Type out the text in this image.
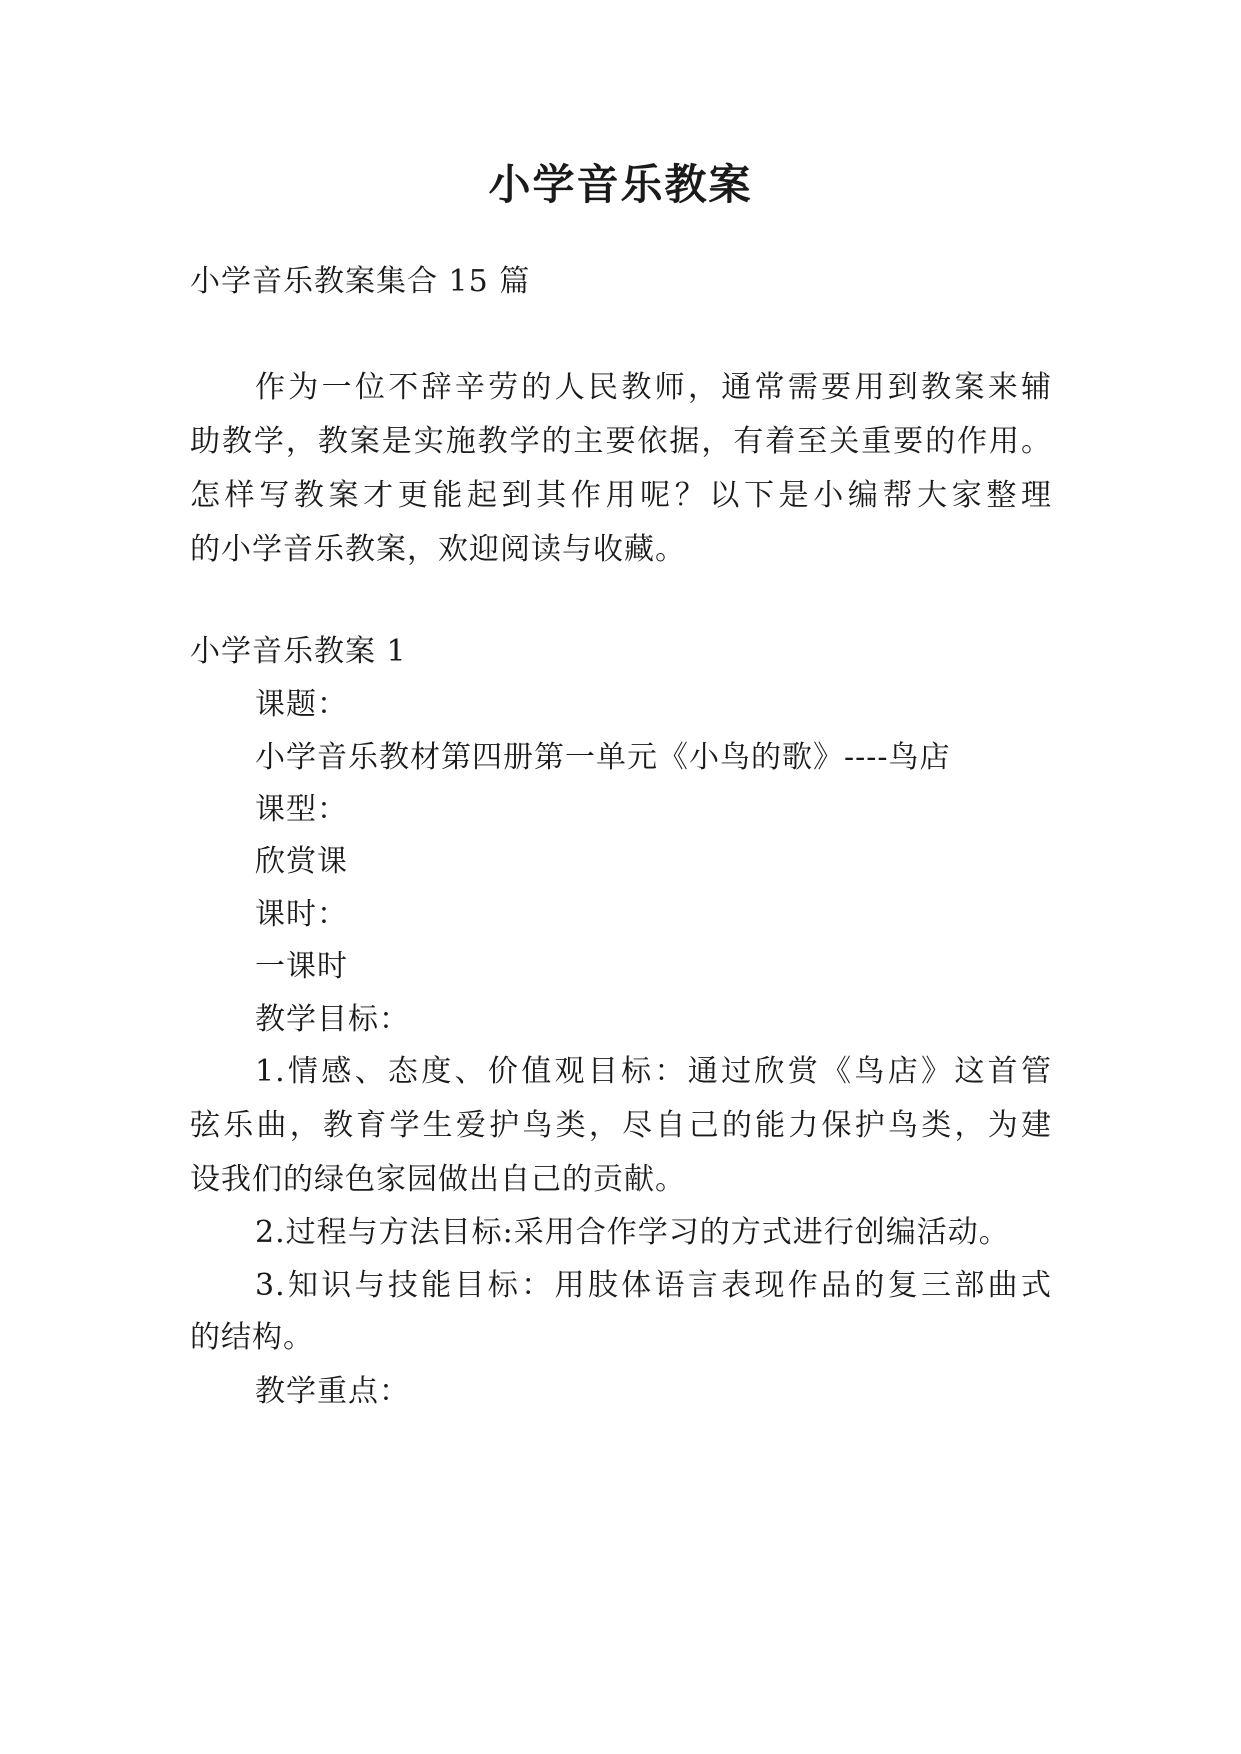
小学音乐教案

小学音乐教案集合 15 篇

作为一位不辞辛劳的人民教师，通常需要用到教案来辅

助教学，教案是实施教学的主要依据，有着至关重要的作用。

怎样写教案才更能起到其作用呢？以下是小编帮大家整理

的小学音乐教案，欢迎阅读与收藏。

小学音乐教案 1

课题：

小学音乐教材第四册第一单元《小鸟的歌》----鸟店

课型：

欣赏课

课时：

一课时

教学目标：

1.情感、态度、价值观目标：通过欣赏《鸟店》这首管

弦乐曲，教育学生爱护鸟类，尽自己的能力保护鸟类，为建

设我们的绿色家园做出自己的贡献。

2.过程与方法目标:采用合作学习的方式进行创编活动。

3.知识与技能目标：用肢体语言表现作品的复三部曲式

的结构。

教学重点：
